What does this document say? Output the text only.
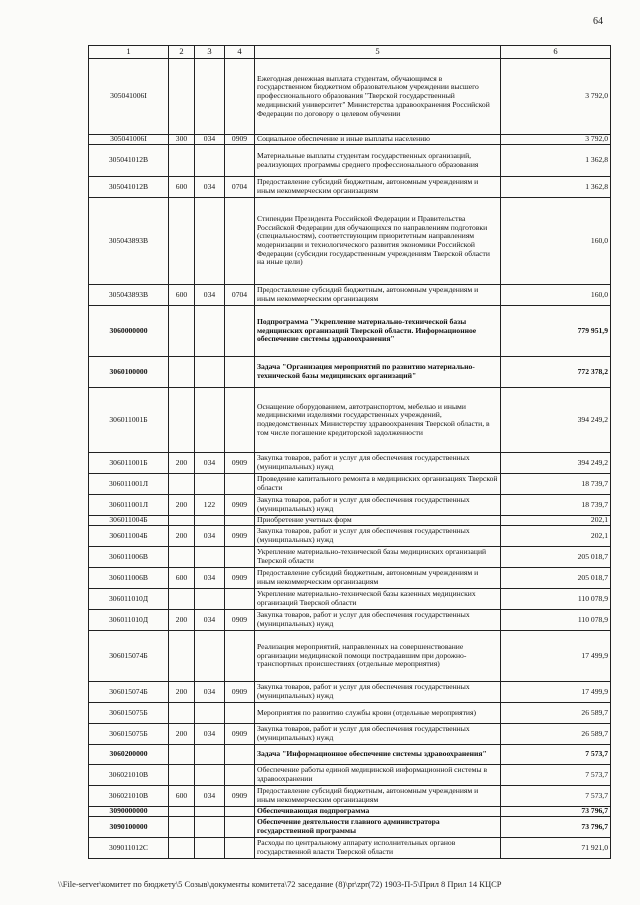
64
1	2	3	4	5	6
305041006I				Ежегодная денежная выплата студентам, обучающимся в государственном бюджетном образовательном учреждении высшего профессионального образования "Тверской государственный медицинский университет" Министерства здравоохранения Российской Федерации по договору о целевом обучении	3 792,0
305041006I	300	034	0909	Социальное обеспечение и иные выплаты населению	3 792,0
305041012B				Материальные выплаты студентам государственных организаций, реализующих программы среднего профессионального образования	1 362,8
305041012B	600	034	0704	Предоставление субсидий бюджетным, автономным учреждениям и иным некоммерческим организациям	1 362,8
305043893B				Стипендии Президента Российской Федерации и Правительства Российской Федерации для обучающихся по направлениям подготовки (специальностям), соответствующим приоритетным направлениям модернизации и технологического развития экономики Российской Федерации (субсидии государственным учреждениям Тверской области на иные цели)	160,0
305043893B	600	034	0704	Предоставление субсидий бюджетным, автономным учреждениям и иным некоммерческим организациям	160,0
3060000000				Подпрограмма "Укрепление материально-технической базы медицинских организаций Тверской области. Информационное обеспечение системы здравоохранения"	779 951,9
3060100000				Задача "Организация мероприятий по развитию материально-технической базы медицинских организаций"	772 378,2
306011001Б				Оснащение оборудованием, автотранспортом, мебелью и иными медицинскими изделиями государственных учреждений, подведомственных Министерству здравоохранения Тверской области, в том числе погашение кредиторской задолженности	394 249,2
306011001Б	200	034	0909	Закупка товаров, работ и услуг для обеспечения государственных (муниципальных) нужд	394 249,2
306011001Л				Проведение капитального ремонта в медицинских организациях Тверской области	18 739,7
306011001Л	200	122	0909	Закупка товаров, работ и услуг для обеспечения государственных (муниципальных) нужд	18 739,7
306011004Б				Приобретение учетных форм	202,1
306011004Б	200	034	0909	Закупка товаров, работ и услуг для обеспечения государственных (муниципальных) нужд	202,1
306011006B				Укрепление материально-технической базы медицинских организаций Тверской области	205 018,7
306011006B	600	034	0909	Предоставление субсидий бюджетным, автономным учреждениям и иным некоммерческим организациям	205 018,7
306011010Д				Укрепление материально-технической базы казенных медицинских организаций Тверской области	110 078,9
306011010Д	200	034	0909	Закупка товаров, работ и услуг для обеспечения государственных (муниципальных) нужд	110 078,9
306015074Б				Реализация мероприятий, направленных на совершенствование организации медицинской помощи пострадавшим при дорожно-транспортных происшествиях (отдельные мероприятия)	17 499,9
306015074Б	200	034	0909	Закупка товаров, работ и услуг для обеспечения государственных (муниципальных) нужд	17 499,9
306015075Б				Мероприятия по развитию службы крови (отдельные мероприятия)	26 589,7
306015075Б	200	034	0909	Закупка товаров, работ и услуг для обеспечения государственных (муниципальных) нужд	26 589,7
3060200000				Задача "Информационное обеспечение системы здравоохранения"	7 573,7
306021010B				Обеспечение работы единой медицинской информационной системы в здравоохранении	7 573,7
306021010B	600	034	0909	Предоставление субсидий бюджетным, автономным учреждениям и иным некоммерческим организациям	7 573,7
3090000000				Обеспечивающая подпрограмма	73 796,7
3090100000				Обеспечение деятельности главного администратора государственной программы	73 796,7
309011012C				Расходы по центральному аппарату исполнительных органов государственной власти Тверской области	71 921,0
\\File-server\комитет по бюджету\5 Созыв\документы комитета\72 заседание (8)\pr\zpr(72) 1903-П-5\Прил 8 Прил 14 КЦСР
